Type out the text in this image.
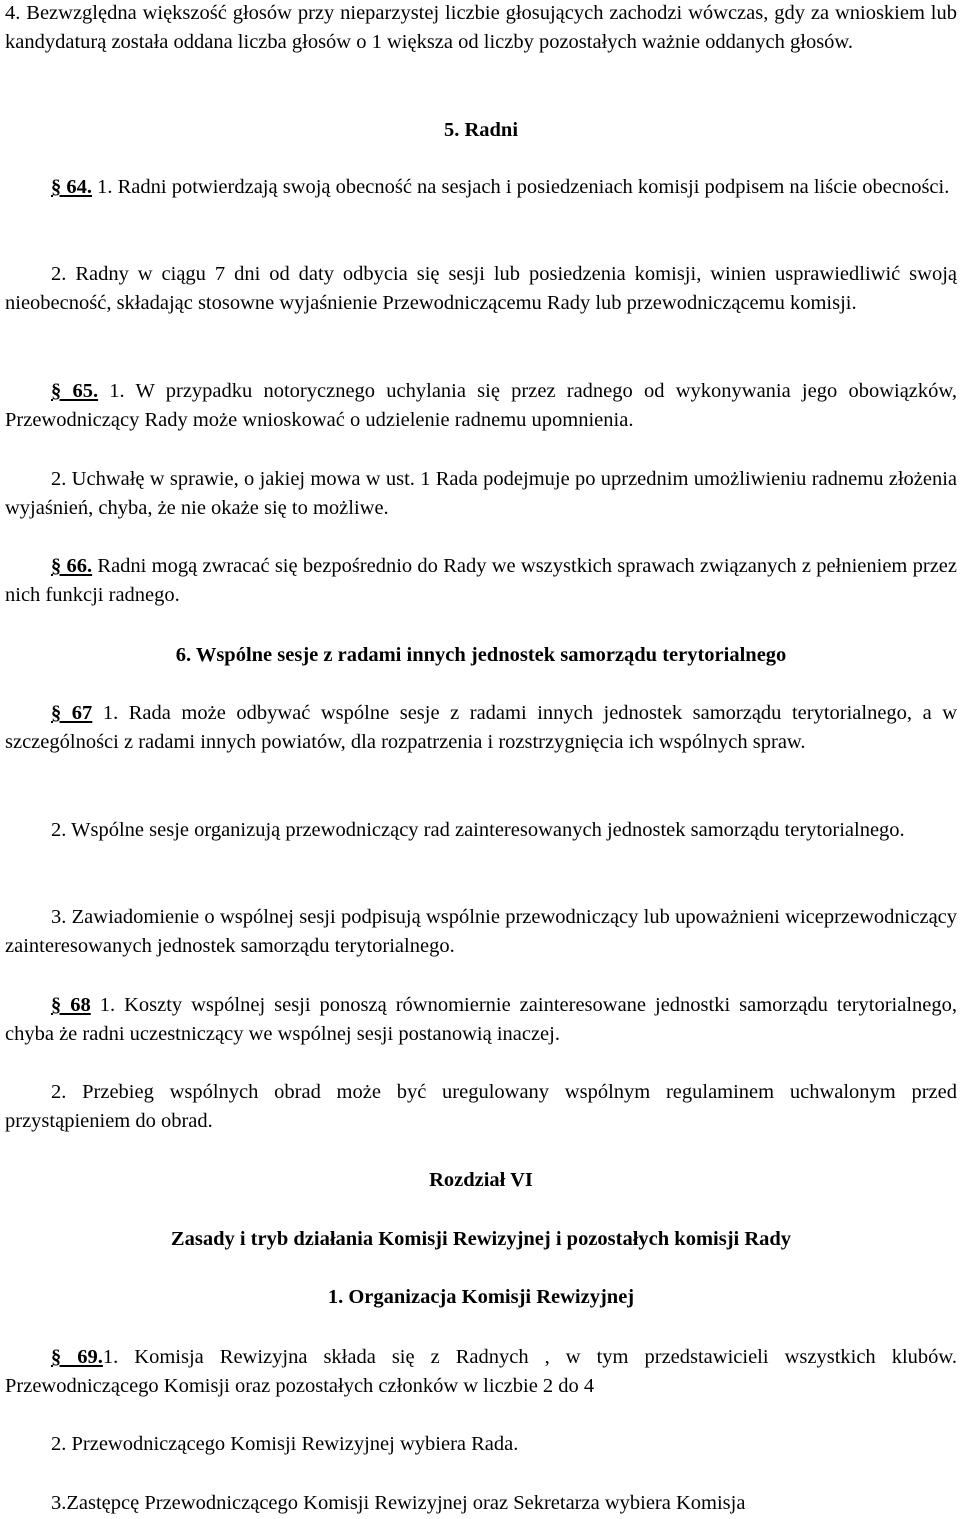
4. Bezwzględna większość głosów przy nieparzystej liczbie głosujących zachodzi wówczas, gdy za wnioskiem lub kandydaturą została oddana liczba głosów o 1 większa od liczby pozostałych ważnie oddanych głosów.

5. Radni

§ 64. 1. Radni potwierdzają swoją obecność na sesjach i posiedzeniach komisji podpisem na liście obecności.

2. Radny w ciągu 7 dni od daty odbycia się sesji lub posiedzenia komisji, winien usprawiedliwić swoją nieobecność, składając stosowne wyjaśnienie Przewodniczącemu Rady lub przewodniczącemu komisji.

§ 65. 1. W przypadku notorycznego uchylania się przez radnego od wykonywania jego obowiązków, Przewodniczący Rady może wnioskować o udzielenie radnemu upomnienia.

2. Uchwałę w sprawie, o jakiej mowa w ust. 1 Rada podejmuje po uprzednim umożliwieniu radnemu złożenia wyjaśnień, chyba, że nie okaże się to możliwe.

§ 66. Radni mogą zwracać się bezpośrednio do Rady we wszystkich sprawach związanych z pełnieniem przez nich funkcji radnego.

6. Wspólne sesje z radami innych jednostek samorządu terytorialnego

§ 67 1. Rada może odbywać wspólne sesje z radami innych jednostek samorządu terytorialnego, a w szczególności z radami innych powiatów, dla rozpatrzenia i rozstrzygnięcia ich wspólnych spraw.

2. Wspólne sesje organizują przewodniczący rad zainteresowanych jednostek samorządu terytorialnego.

3. Zawiadomienie o wspólnej sesji podpisują wspólnie przewodniczący lub upoważnieni wiceprzewodniczący zainteresowanych jednostek samorządu terytorialnego.

§ 68 1. Koszty wspólnej sesji ponoszą równomiernie zainteresowane jednostki samorządu terytorialnego, chyba że radni uczestniczący we wspólnej sesji postanowią inaczej.

2. Przebieg wspólnych obrad może być uregulowany wspólnym regulaminem uchwalonym przed przystąpieniem do obrad.

Rozdział VI

Zasady i tryb działania Komisji Rewizyjnej i pozostałych komisji Rady

1. Organizacja Komisji Rewizyjnej

§ 69.1. Komisja Rewizyjna składa się z Radnych , w tym przedstawicieli wszystkich klubów. Przewodniczącego Komisji oraz pozostałych członków w liczbie 2 do 4

2. Przewodniczącego Komisji Rewizyjnej wybiera Rada.

3.Zastępcę Przewodniczącego Komisji Rewizyjnej oraz Sekretarza wybiera Komisja
